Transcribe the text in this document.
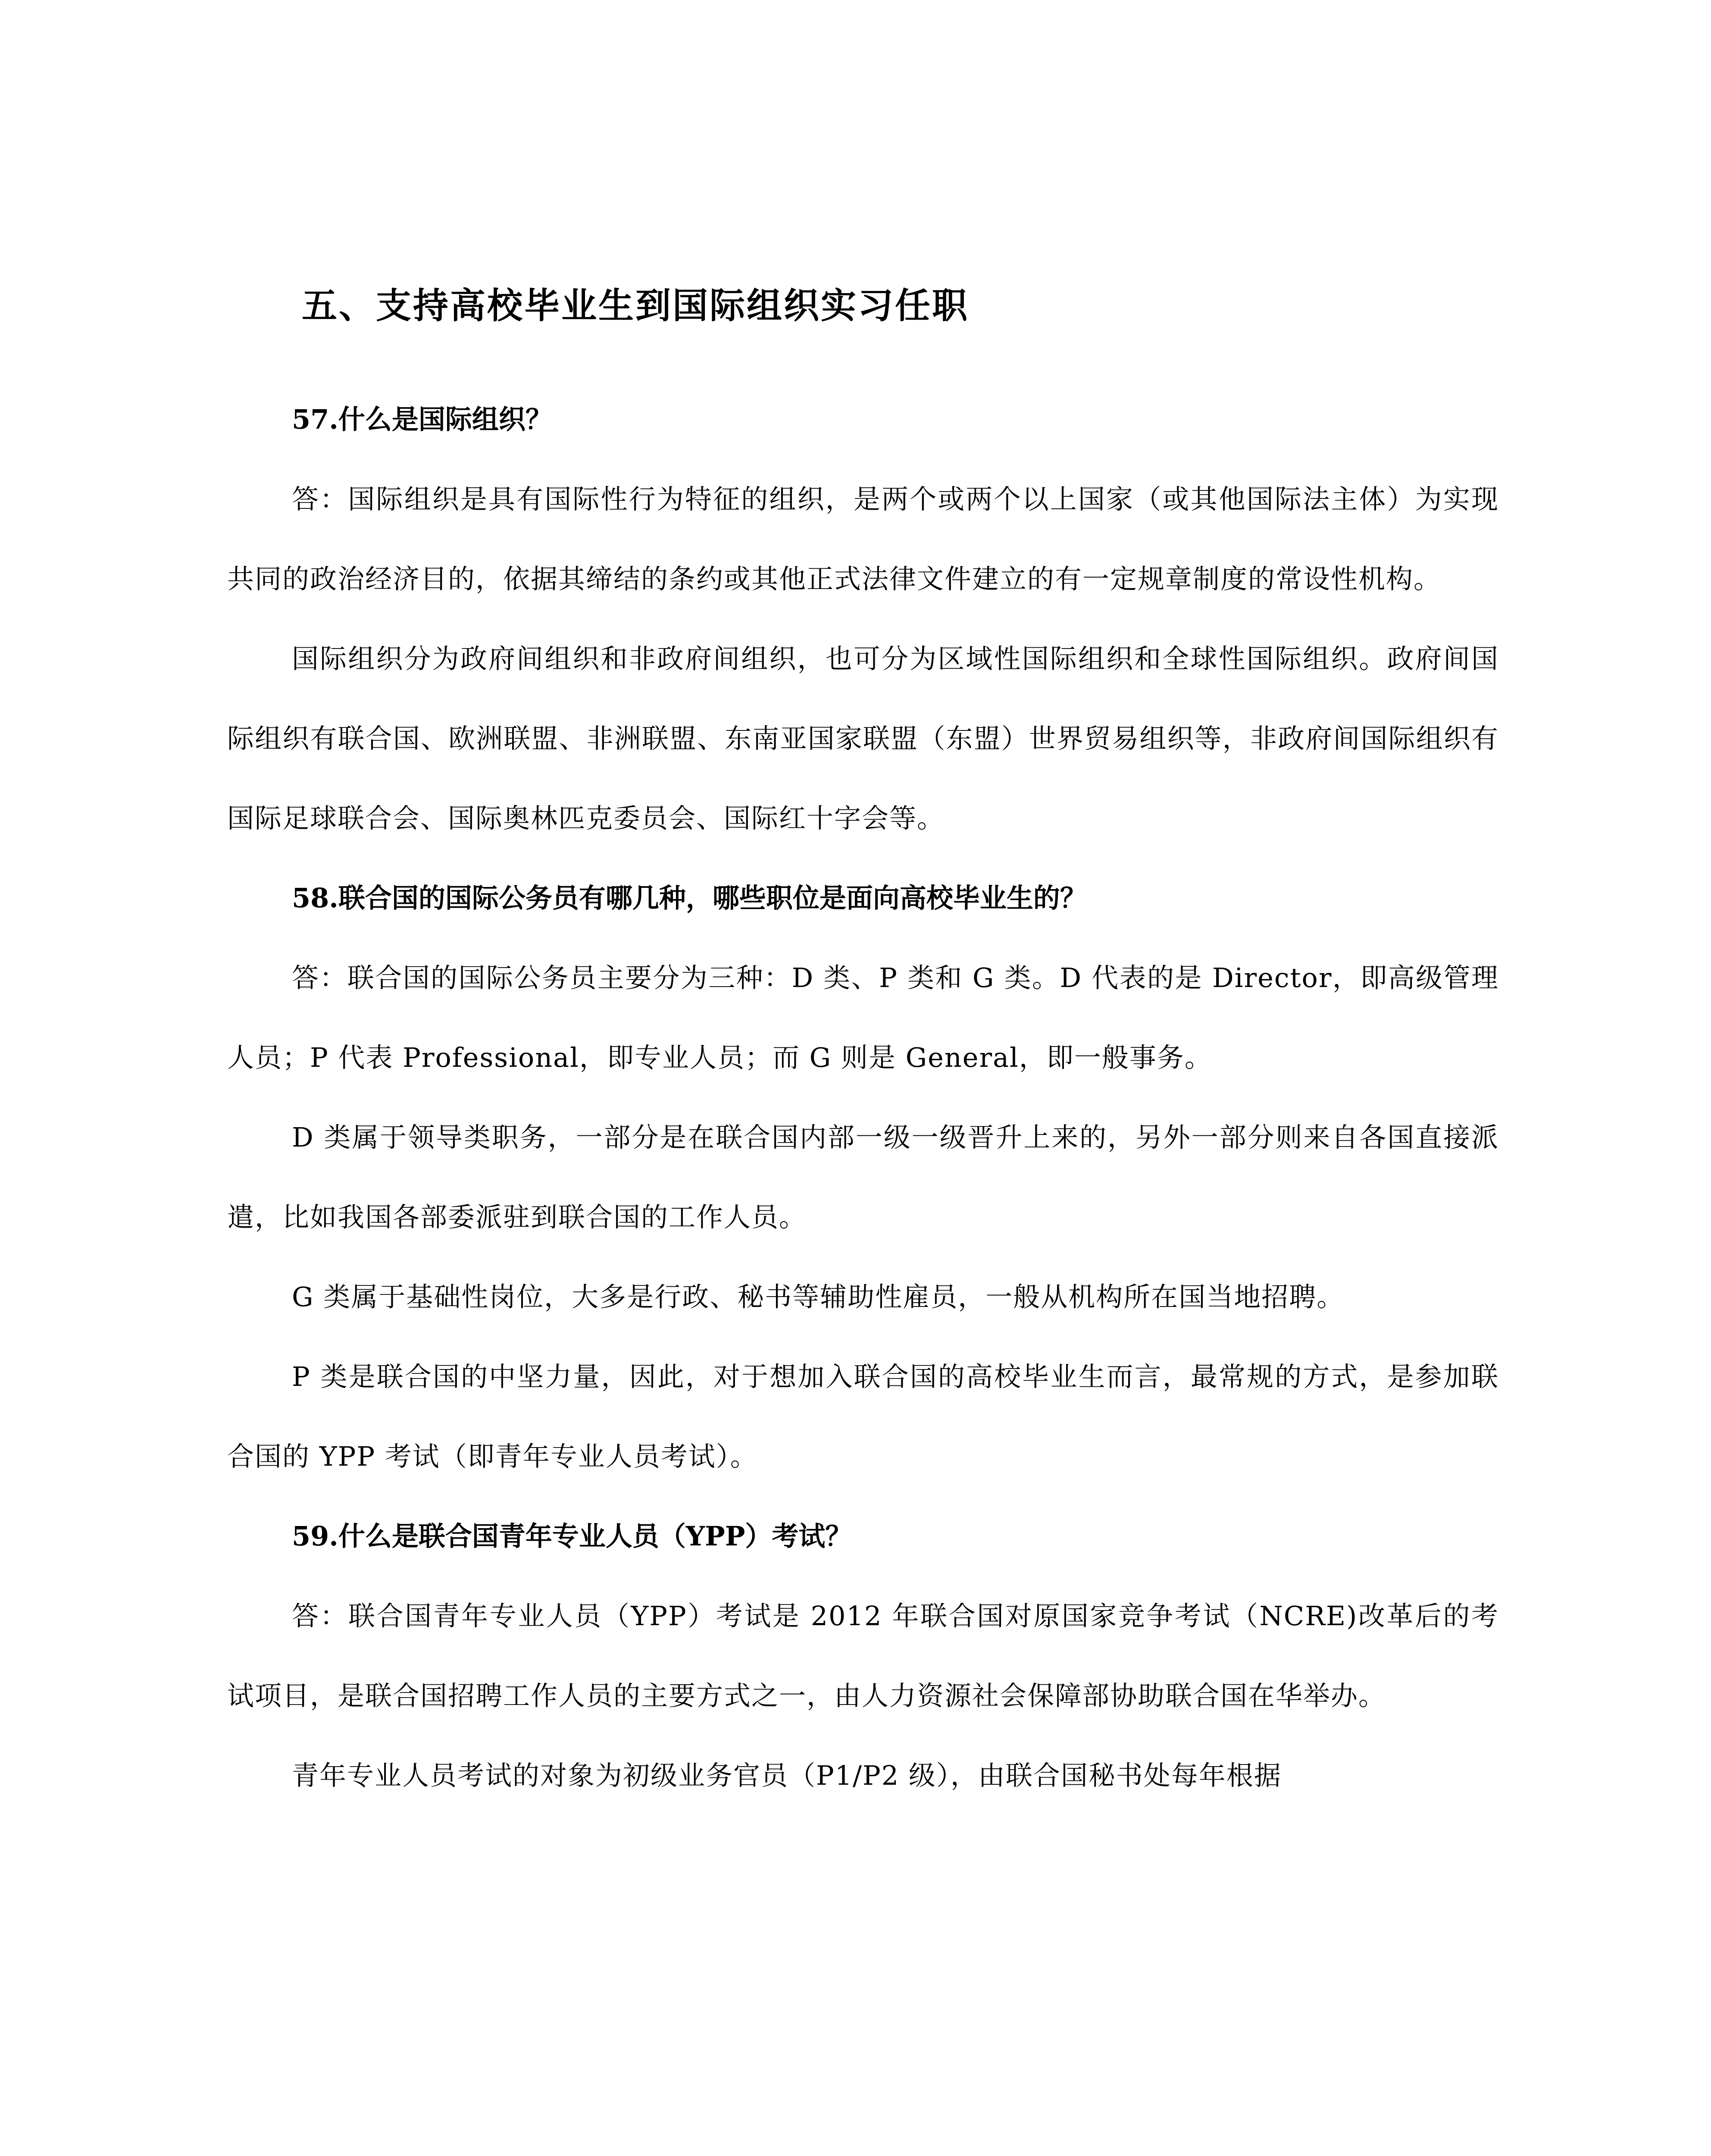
五、支持高校毕业生到国际组织实习任职

57.什么是国际组织？

答：国际组织是具有国际性行为特征的组织，是两个或两个以上国家（或其他国际法主体）为实现共同的政治经济目的，依据其缔结的条约或其他正式法律文件建立的有一定规章制度的常设性机构。

国际组织分为政府间组织和非政府间组织，也可分为区域性国际组织和全球性国际组织。政府间国际组织有联合国、欧洲联盟、非洲联盟、东南亚国家联盟（东盟）世界贸易组织等，非政府间国际组织有国际足球联合会、国际奥林匹克委员会、国际红十字会等。

58.联合国的国际公务员有哪几种，哪些职位是面向高校毕业生的？

答：联合国的国际公务员主要分为三种：D 类、P 类和 G 类。D 代表的是 Director，即高级管理人员；P 代表 Professional，即专业人员；而 G 则是 General，即一般事务。

D 类属于领导类职务，一部分是在联合国内部一级一级晋升上来的，另外一部分则来自各国直接派遣，比如我国各部委派驻到联合国的工作人员。

G 类属于基础性岗位，大多是行政、秘书等辅助性雇员，一般从机构所在国当地招聘。

P 类是联合国的中坚力量，因此，对于想加入联合国的高校毕业生而言，最常规的方式，是参加联合国的 YPP 考试（即青年专业人员考试）。

59.什么是联合国青年专业人员（YPP）考试？

答：联合国青年专业人员（YPP）考试是 2012 年联合国对原国家竞争考试（NCRE)改革后的考试项目，是联合国招聘工作人员的主要方式之一，由人力资源社会保障部协助联合国在华举办。

青年专业人员考试的对象为初级业务官员（P1/P2 级），由联合国秘书处每年根据
